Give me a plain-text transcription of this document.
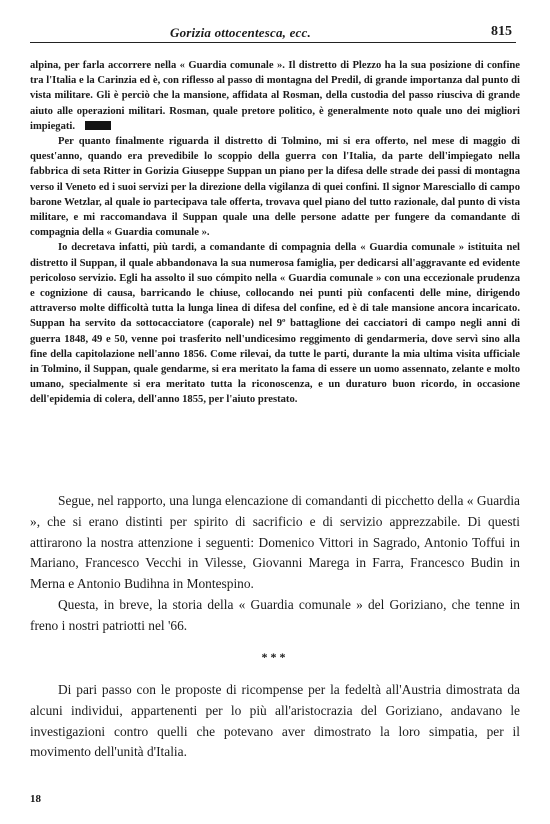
Gorizia ottocentesca, ecc.	815

alpina, per farla accorrere nella « Guardia comunale ». Il distretto di Plezzo ha la sua posizione di confine tra l'Italia e la Carinzia ed è, con riflesso al passo di montagna del Predil, di grande importanza dal punto di vista militare. Gli è perciò che la mansione, affidata al Rosman, della custodia del passo riusciva di grande aiuto alle operazioni militari. Rosman, quale pretore politico, è generalmente noto quale uno dei migliori impiegati.

Per quanto finalmente riguarda il distretto di Tolmino, mi si era offerto, nel mese di maggio di quest'anno, quando era prevedibile lo scoppio della guerra con l'Italia, da parte dell'impiegato nella fabbrica di seta Ritter in Gorizia Giuseppe Suppan un piano per la difesa delle strade dei passi di montagna verso il Veneto ed i suoi servizi per la direzione della vigilanza di quei confini. Il signor Maresciallo di campo barone Wetzlar, al quale io partecipava tale offerta, trovava quel piano del tutto razionale, dal punto di vista militare, e mi raccomandava il Suppan quale una delle persone adatte per fungere da comandante di compagnia della « Guardia comunale ».

Io decretava infatti, più tardi, a comandante di compagnia della « Guardia comunale » istituita nel distretto il Suppan, il quale abbandonava la sua numerosa famiglia, per dedicarsi all'aggravante ed evidente pericoloso servizio. Egli ha assolto il suo cómpito nella « Guardia comunale » con una eccezionale prudenza e cognizione di causa, barricando le chiuse, collocando nei punti più confacenti delle mine, dirigendo attraverso molte difficoltà tutta la lunga linea di difesa del confine, ed è di tale mansione ancora incaricato. Suppan ha servito da sottocacciatore (caporale) nel 9º battaglione dei cacciatori di campo negli anni di guerra 1848, 49 e 50, venne poi trasferito nell'undicesimo reggimento di gendarmeria, dove servì sino alla fine della capitolazione nell'anno 1856. Come rilevai, da tutte le parti, durante la mia ultima visita ufficiale in Tolmino, il Suppan, quale gendarme, si era meritato la fama di essere un uomo assennato, zelante e molto umano, specialmente si era meritato tutta la riconoscenza, e un duraturo buon ricordo, in occasione dell'epidemia di colera, dell'anno 1855, per l'aiuto prestato.

Segue, nel rapporto, una lunga elencazione di comandanti di picchetto della « Guardia », che si erano distinti per spirito di sacrificio e di servizio apprezzabile. Di questi attirarono la nostra attenzione i seguenti: Domenico Vittori in Sagrado, Antonio Toffui in Mariano, Francesco Vecchi in Vilesse, Giovanni Marega in Farra, Francesco Budin in Merna e Antonio Budihna in Montespino.

Questa, in breve, la storia della « Guardia comunale » del Goriziano, che tenne in freno i nostri patriotti nel '66.

***

Di pari passo con le proposte di ricompense per la fedeltà all'Austria dimostrata da alcuni individui, appartenenti per lo più all'aristocrazia del Goriziano, andavano le investigazioni contro quelli che potevano aver dimostrato la loro simpatia, per il movimento dell'unità d'Italia.

18
